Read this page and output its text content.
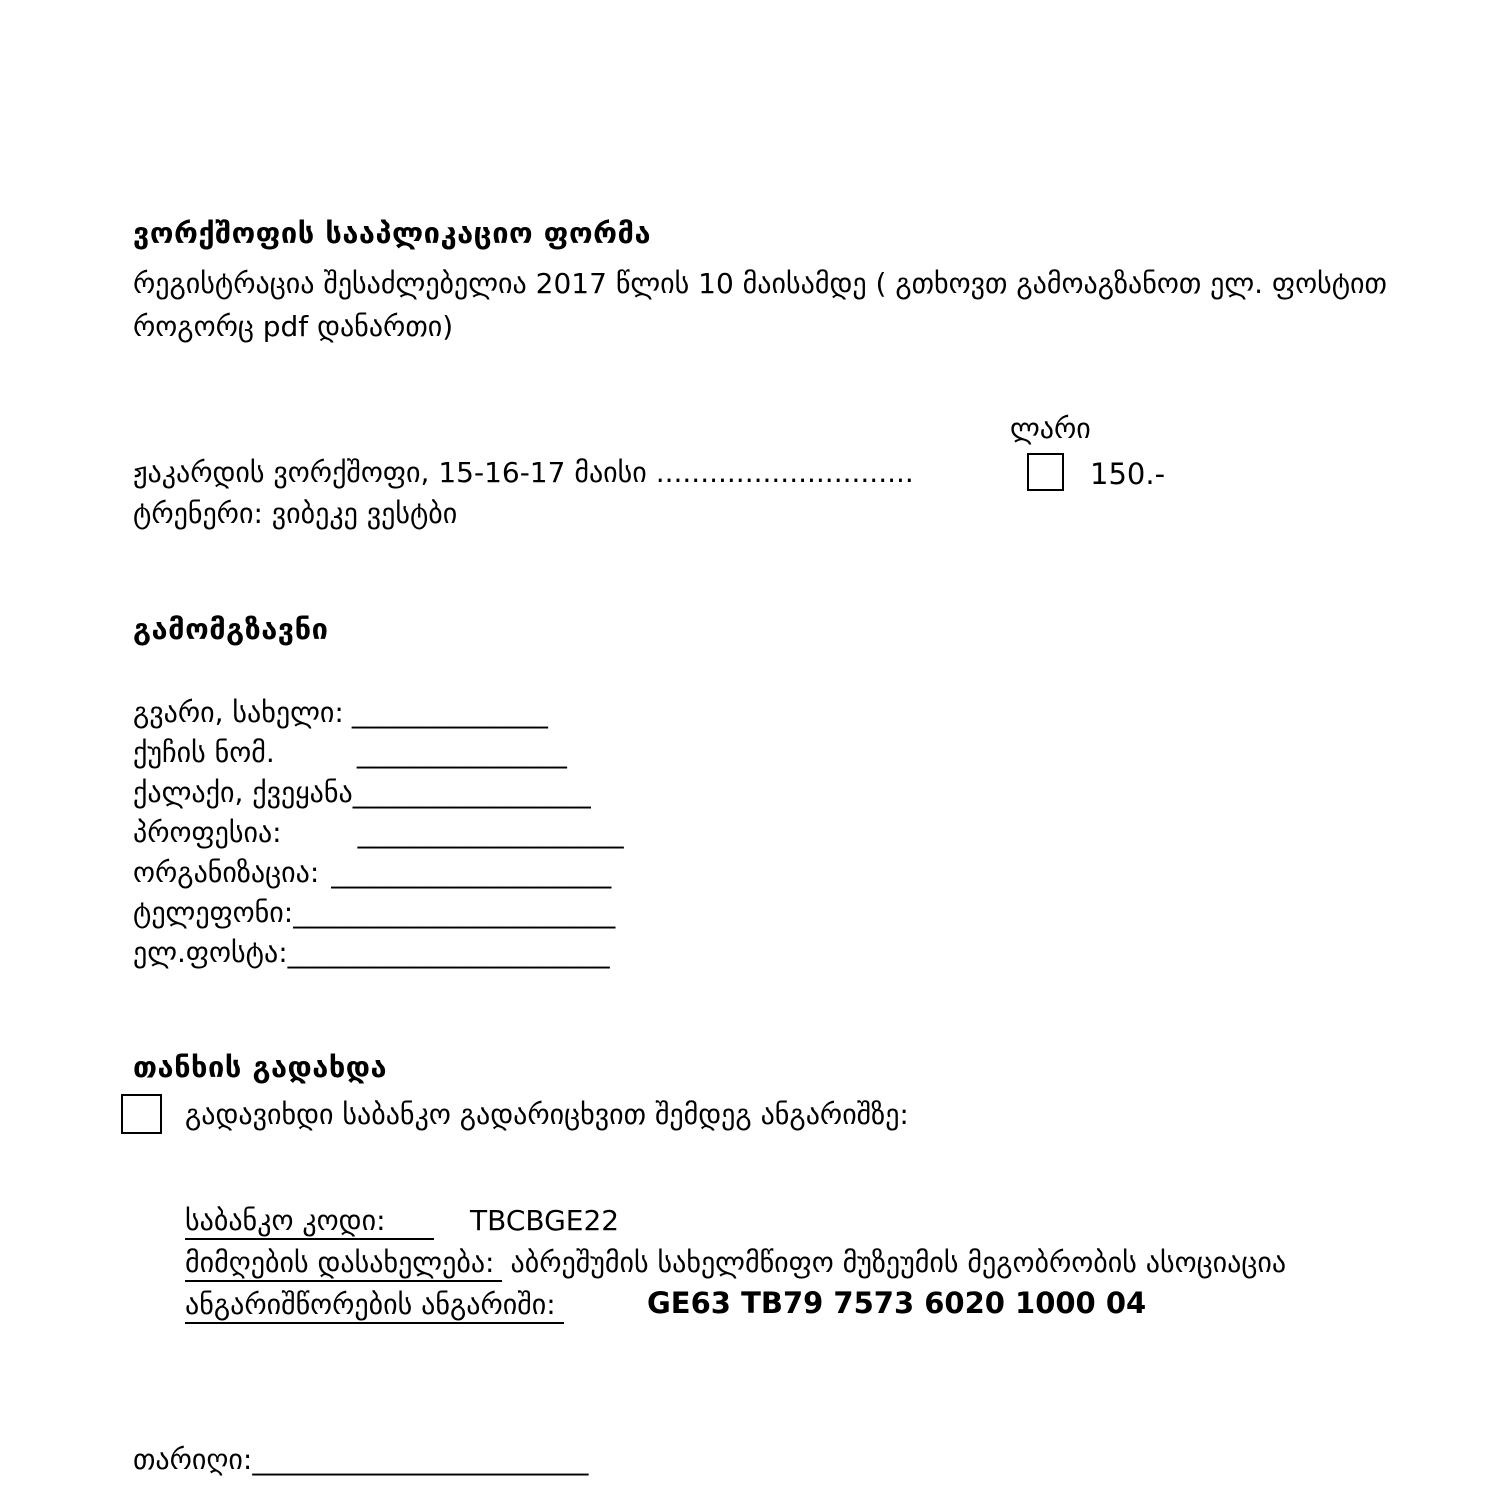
ვორქშოფის სააპლიკაციო ფორმა
რეგისტრაცია შესაძლებელია 2017 წლის 10 მაისამდე ( გთხოვთ გამოაგზანოთ ელ. ფოსტით
როგორც pdf დანართი)
ლარი
ჟაკარდის ვორქშოფი, 15-16-17 მაისი .............................	150.-
ტრენერი: ვიბეკე ვესტბი
გამომგზავნი
გვარი, სახელი: ______________
ქუჩის ნომ.	_______________
ქალაქი, ქვეყანა_________________
პროფესია:	___________________
ორგანიზაცია: ____________________
ტელეფონი:_______________________
ელ.ფოსტა:_______________________
თანხის გადახდა
გადავიხდი საბანკო გადარიცხვით შემდეგ ანგარიშზე:
საბანკო კოდი:	TBCBGE22
მიმღების დასახელება: აბრეშუმის სახელმწიფო მუზეუმის მეგობრობის ასოციაცია
ანგარიშწორების ანგარიში:	GE63 TB79 7573 6020 1000 04
თარიღი:________________________
